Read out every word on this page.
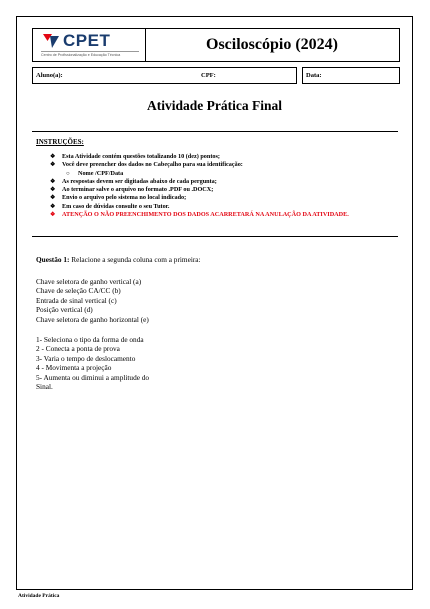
CPET
Centro de Profissionalização e Educação Técnica
Osciloscópio (2024)
Aluno(a):	CPF:	Data:
Atividade Prática Final
INSTRUÇÕES:
❖ Esta Atividade contém questões totalizando 10 (dez) pontos;
❖ Você deve preencher dos dados no Cabeçalho para sua identificação:
○ Nome /CPF/Data
❖ As respostas devem ser digitadas abaixo de cada pergunta;
❖ Ao terminar salve o arquivo no formato .PDF ou .DOCX;
❖ Envio o arquivo pelo sistema no local indicado;
❖ Em caso de dúvidas consulte o seu Tutor.
❖ ATENÇÃO O NÃO PREENCHIMENTO DOS DADOS ACARRETARÁ NA ANULAÇÃO DA ATIVIDADE.
Questão 1: Relacione a segunda coluna com a primeira:
Chave seletora de ganho vertical (a)
Chave de seleção CA/CC (b)
Entrada de sinal vertical (c)
Posição vertical (d)
Chave seletora de ganho horizontal (e)
1- Seleciona o tipo da forma de onda
2 - Conecta a ponta de prova
3- Varia o tempo de deslocamento
4 - Movimenta a projeção
5- Aumenta ou diminui a amplitude do
Sinal.
Atividade Prática
